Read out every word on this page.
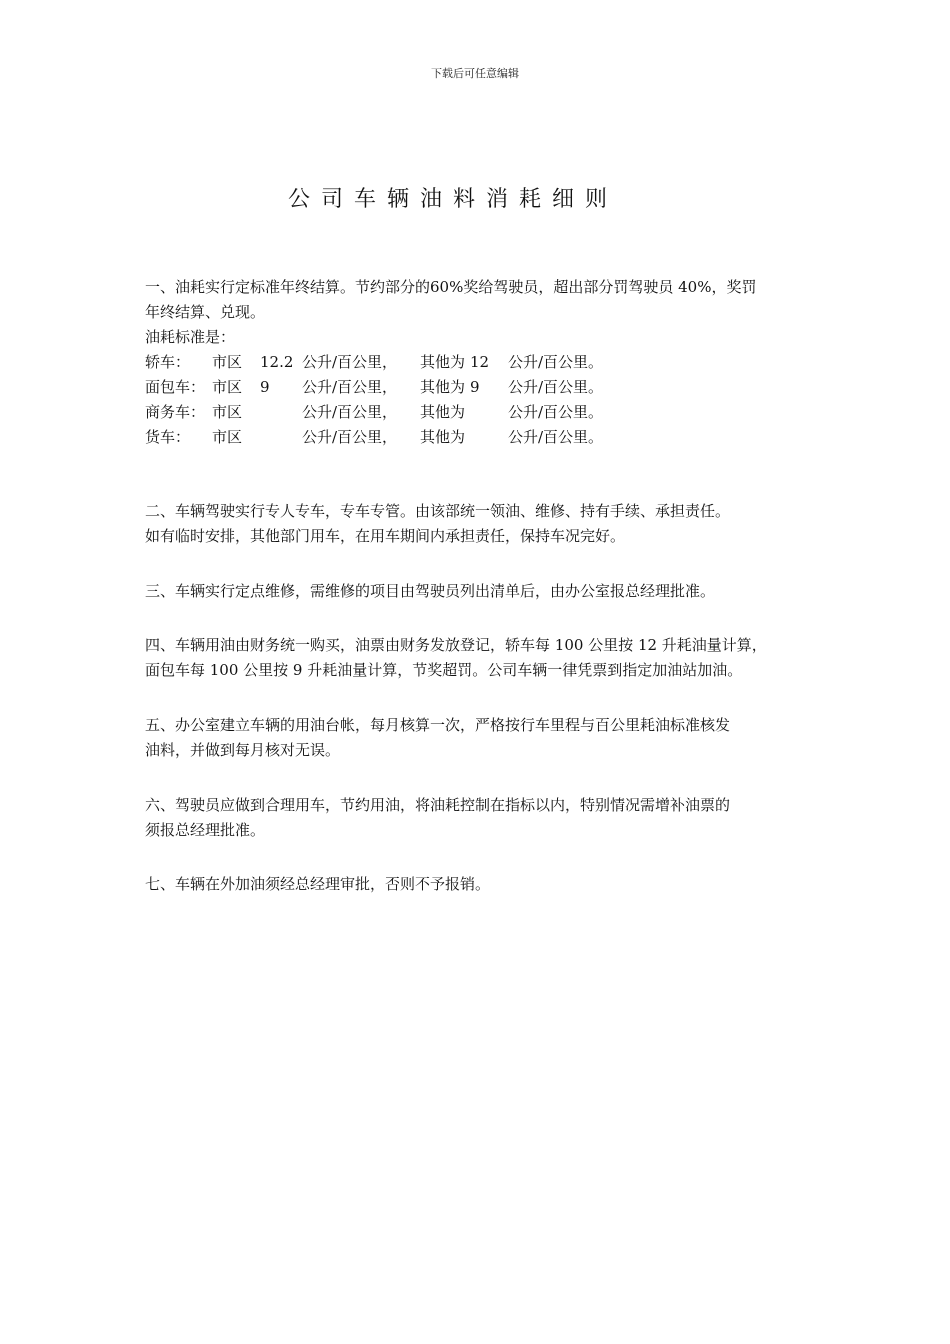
下载后可任意编辑
公司车辆油料消耗细则

一、油耗实行定标准年终结算。节约部分的60%奖给驾驶员，超出部分罚驾驶员 40%，奖罚

年终结算、兑现。

油耗标准是：

轿车：	市区	12.2 公升/百公里，	其他为 12	公升/百公里。
面包车： 市区	9	公升/百公里，	其他为 9	公升/百公里。
商务车： 市区	公升/百公里，	其他为	公升/百公里。
货车：	市区	公升/百公里，	其他为	公升/百公里。

二、车辆驾驶实行专人专车，专车专管。由该部统一领油、维修、持有手续、承担责任。

如有临时安排，其他部门用车，在用车期间内承担责任，保持车况完好。

三、车辆实行定点维修，需维修的项目由驾驶员列出清单后，由办公室报总经理批准。

四、车辆用油由财务统一购买，油票由财务发放登记，轿车每 100 公里按 12 升耗油量计算，

面包车每 100 公里按 9 升耗油量计算，节奖超罚。公司车辆一律凭票到指定加油站加油。

五、办公室建立车辆的用油台帐，每月核算一次，严格按行车里程与百公里耗油标准核发

油料，并做到每月核对无误。

六、驾驶员应做到合理用车，节约用油，将油耗控制在指标以内，特别情况需增补油票的

须报总经理批准。

七、车辆在外加油须经总经理审批，否则不予报销。
